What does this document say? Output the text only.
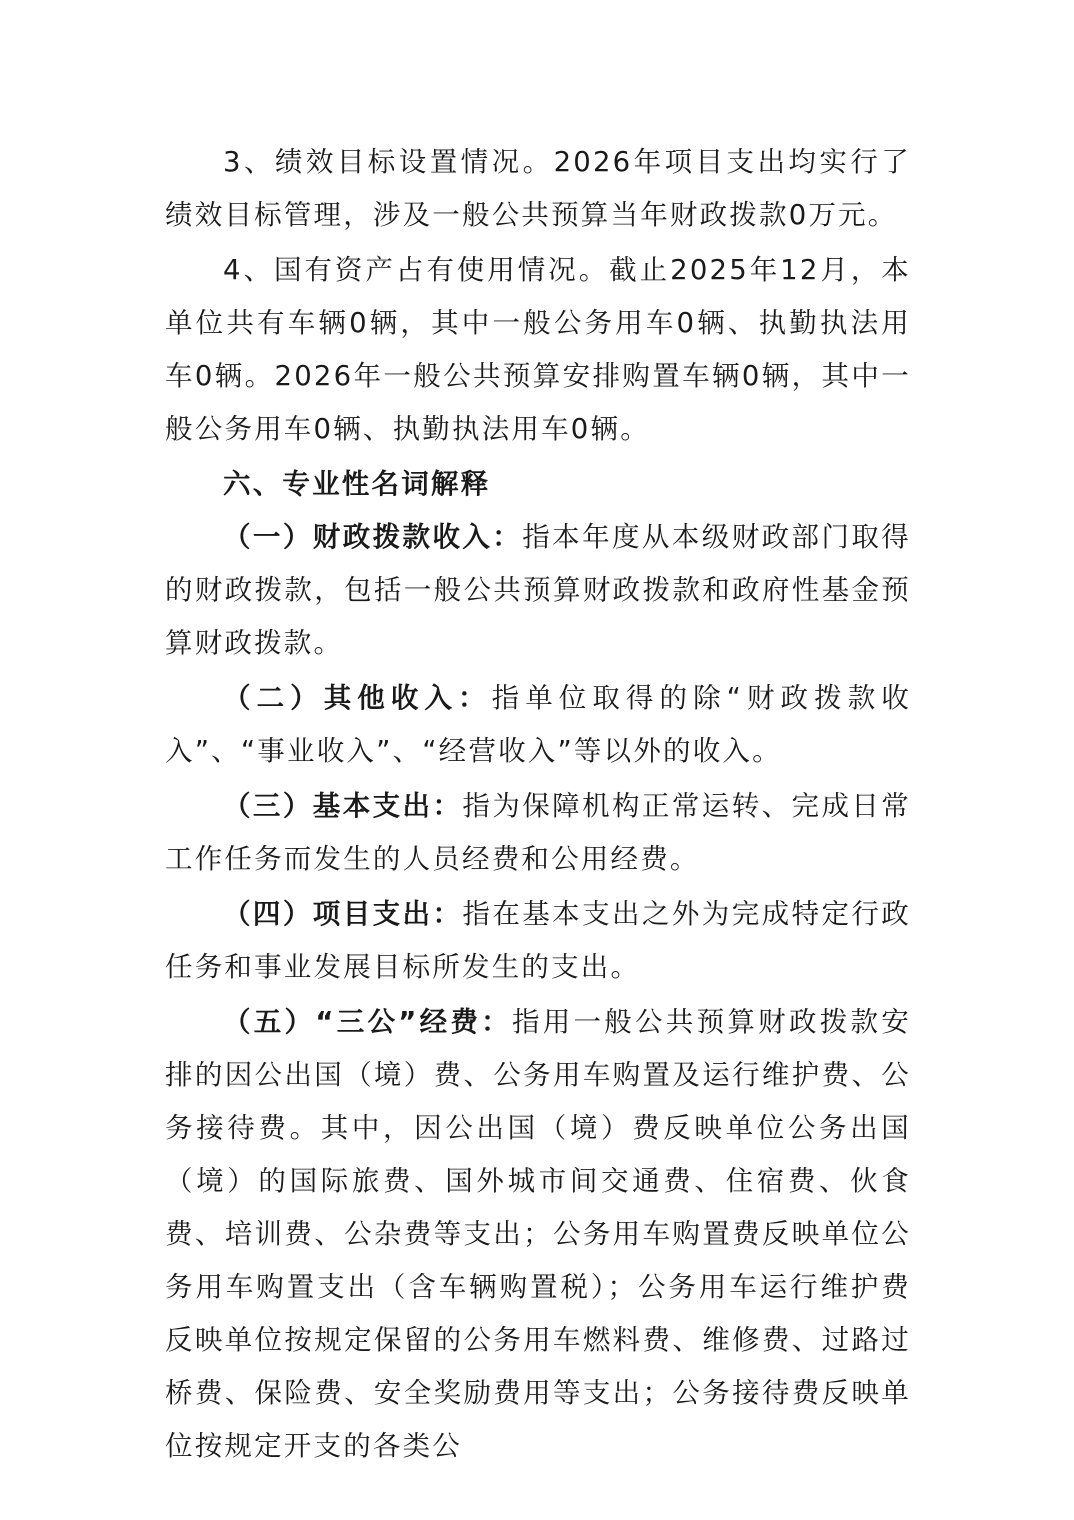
3、绩效目标设置情况。2026年项目支出均实行了绩效目标管理，涉及一般公共预算当年财政拨款0万元。

4、国有资产占有使用情况。截止2025年12月，本单位共有车辆0辆，其中一般公务用车0辆、执勤执法用车0辆。2026年一般公共预算安排购置车辆0辆，其中一般公务用车0辆、执勤执法用车0辆。

六、专业性名词解释

（一）财政拨款收入：指本年度从本级财政部门取得的财政拨款，包括一般公共预算财政拨款和政府性基金预算财政拨款。

（二）其他收入：指单位取得的除“财政拨款收入”、“事业收入”、“经营收入”等以外的收入。

（三）基本支出：指为保障机构正常运转、完成日常工作任务而发生的人员经费和公用经费。

（四）项目支出：指在基本支出之外为完成特定行政任务和事业发展目标所发生的支出。

（五）“三公”经费：指用一般公共预算财政拨款安排的因公出国（境）费、公务用车购置及运行维护费、公务接待费。其中，因公出国（境）费反映单位公务出国（境）的国际旅费、国外城市间交通费、住宿费、伙食费、培训费、公杂费等支出；公务用车购置费反映单位公务用车购置支出（含车辆购置税）；公务用车运行维护费反映单位按规定保留的公务用车燃料费、维修费、过路过桥费、保险费、安全奖励费用等支出；公务接待费反映单位按规定开支的各类公
